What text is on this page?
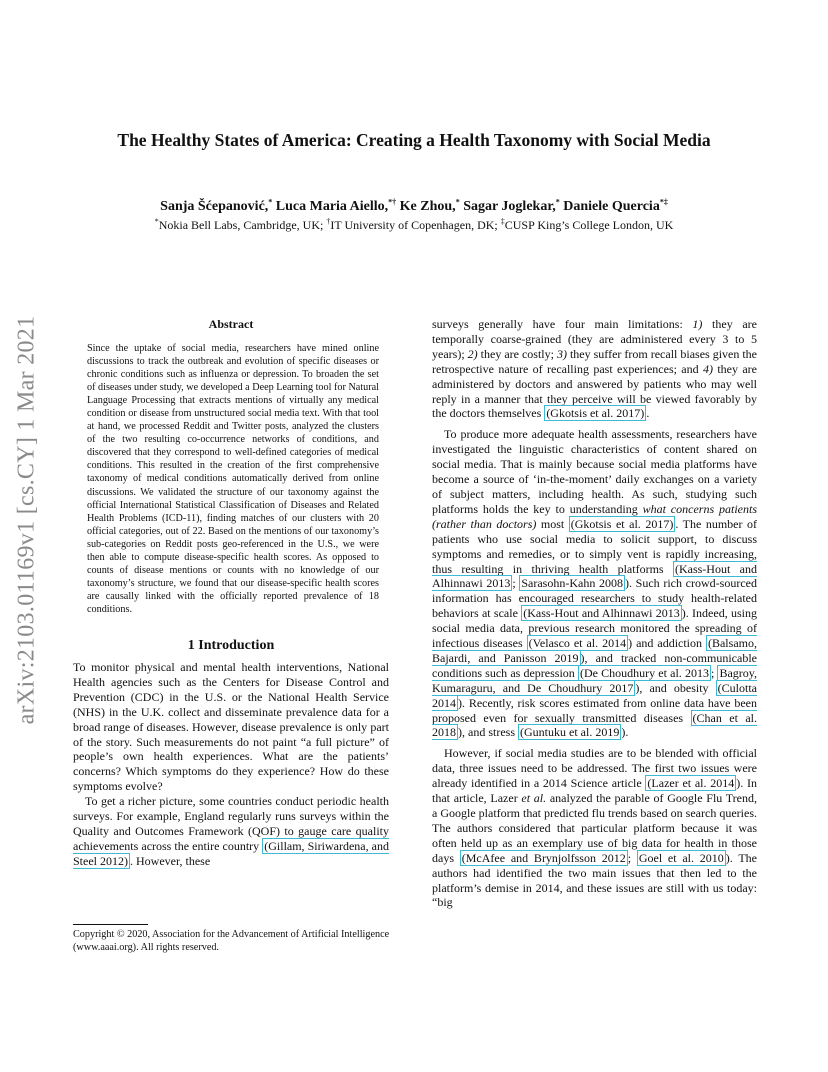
arXiv:2103.01169v1 [cs.CY] 1 Mar 2021
The Healthy States of America: Creating a Health Taxonomy with Social Media
Sanja Šćepanović,* Luca Maria Aiello,*† Ke Zhou,* Sagar Joglekar,* Daniele Quercia*‡
*Nokia Bell Labs, Cambridge, UK; †IT University of Copenhagen, DK; ‡CUSP King’s College London, UK

Abstract

Since the uptake of social media, researchers have mined online discussions to track the outbreak and evolution of specific diseases or chronic conditions such as influenza or depression. To broaden the set of diseases under study, we developed a Deep Learning tool for Natural Language Processing that extracts mentions of virtually any medical condition or disease from unstructured social media text. With that tool at hand, we processed Reddit and Twitter posts, analyzed the clusters of the two resulting co-occurrence networks of conditions, and discovered that they correspond to well-defined categories of medical conditions. This resulted in the creation of the first comprehensive taxonomy of medical conditions automatically derived from online discussions. We validated the structure of our taxonomy against the official International Statistical Classification of Diseases and Related Health Problems (ICD-11), finding matches of our clusters with 20 official categories, out of 22. Based on the mentions of our taxonomy’s sub-categories on Reddit posts geo-referenced in the U.S., we were then able to compute disease-specific health scores. As opposed to counts of disease mentions or counts with no knowledge of our taxonomy’s structure, we found that our disease-specific health scores are causally linked with the officially reported prevalence of 18 conditions.

1 Introduction

To monitor physical and mental health interventions, National Health agencies such as the Centers for Disease Control and Prevention (CDC) in the U.S. or the National Health Service (NHS) in the U.K. collect and disseminate prevalence data for a broad range of diseases. However, disease prevalence is only part of the story. Such measurements do not paint “a full picture” of people’s own health experiences. What are the patients’ concerns? Which symptoms do they experience? How do these symptoms evolve?

To get a richer picture, some countries conduct periodic health surveys. For example, England regularly runs surveys within the Quality and Outcomes Framework (QOF) to gauge care quality achievements across the entire country (Gillam, Siriwardena, and Steel 2012) . However, these

surveys generally have four main limitations: 1) they are temporally coarse-grained (they are administered every 3 to 5 years); 2) they are costly; 3) they suffer from recall biases given the retrospective nature of recalling past experiences; and 4) they are administered by doctors and answered by patients who may well reply in a manner that they perceive will be viewed favorably by the doctors themselves (Gkotsis et al. 2017) .

To produce more adequate health assessments, researchers have investigated the linguistic characteristics of content shared on social media. That is mainly because social media platforms have become a source of ‘in-the-moment’ daily exchanges on a variety of subject matters, including health. As such, studying such platforms holds the key to understanding what concerns patients (rather than doctors) most (Gkotsis et al. 2017) . The number of patients who use social media to solicit support, to discuss symptoms and remedies, or to simply vent is rapidly increasing, thus resulting in thriving health platforms (Kass-Hout and Alhinnawi 2013 ; Sarasohn-Kahn 2008 ). Such rich crowd-sourced information has encouraged researchers to study health-related behaviors at scale (Kass-Hout and Alhinnawi 2013 ). Indeed, using social media data, previous research monitored the spreading of infectious diseases (Velasco et al. 2014 ) and addiction (Balsamo, Bajardi, and Panisson 2019 ), and tracked non-communicable conditions such as depression (De Choudhury et al. 2013 ; Bagroy, Kumaraguru, and De Choudhury 2017 ), and obesity (Culotta 2014 ). Recently, risk scores estimated from online data have been proposed even for sexually transmitted diseases (Chan et al. 2018 ), and stress (Guntuku et al. 2019 ).

However, if social media studies are to be blended with official data, three issues need to be addressed. The first two issues were already identified in a 2014 Science article (Lazer et al. 2014 ). In that article, Lazer et al. analyzed the parable of Google Flu Trend, a Google platform that predicted flu trends based on search queries. The authors considered that particular platform because it was often held up as an exemplary use of big data for health in those days (McAfee and Brynjolfsson 2012 ; Goel et al. 2010 ). The authors had identified the two main issues that then led to the platform’s demise in 2014, and these issues are still with us today: “big

Copyright © 2020, Association for the Advancement of Artificial Intelligence (www.aaai.org). All rights reserved.
